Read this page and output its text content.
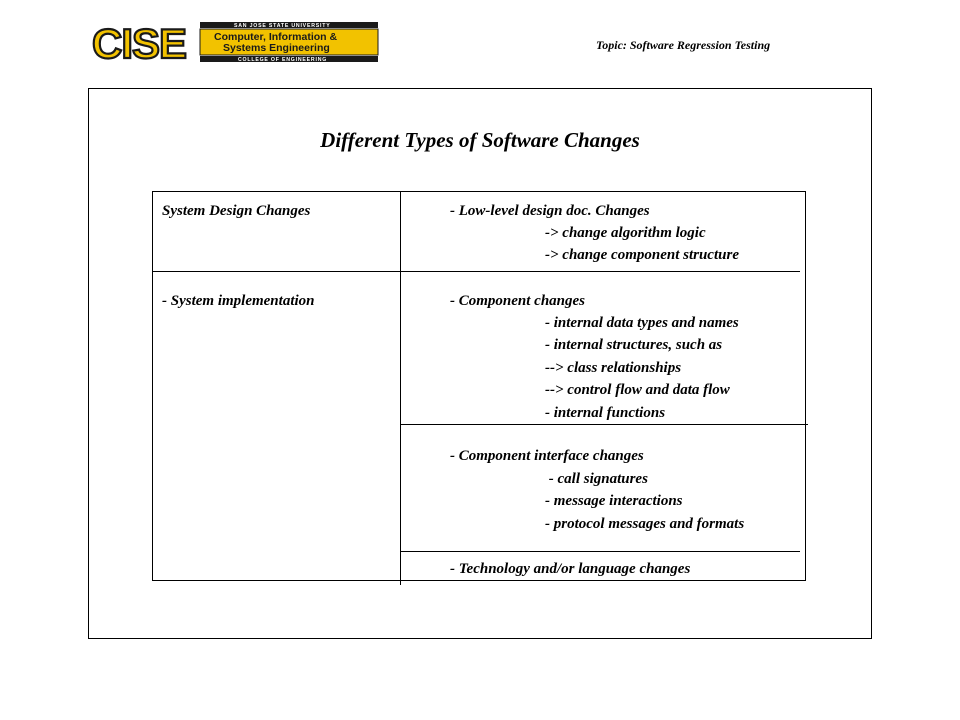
CISE	SAN JOSE STATE UNIVERSITY
Computer, Information &
Systems Engineering
COLLEGE OF ENGINEERING
Topic: Software Regression Testing
Different Types of Software Changes
System Design Changes	- Low-level design doc. Changes
-> change algorithm logic
-> change component structure
- System implementation	- Component changes
- internal data types and names
- internal structures, such as
--> class relationships
--> control flow and data flow
- internal functions
- Component interface changes
- call signatures
- message interactions
- protocol messages and formats
- Technology and/or language changes
